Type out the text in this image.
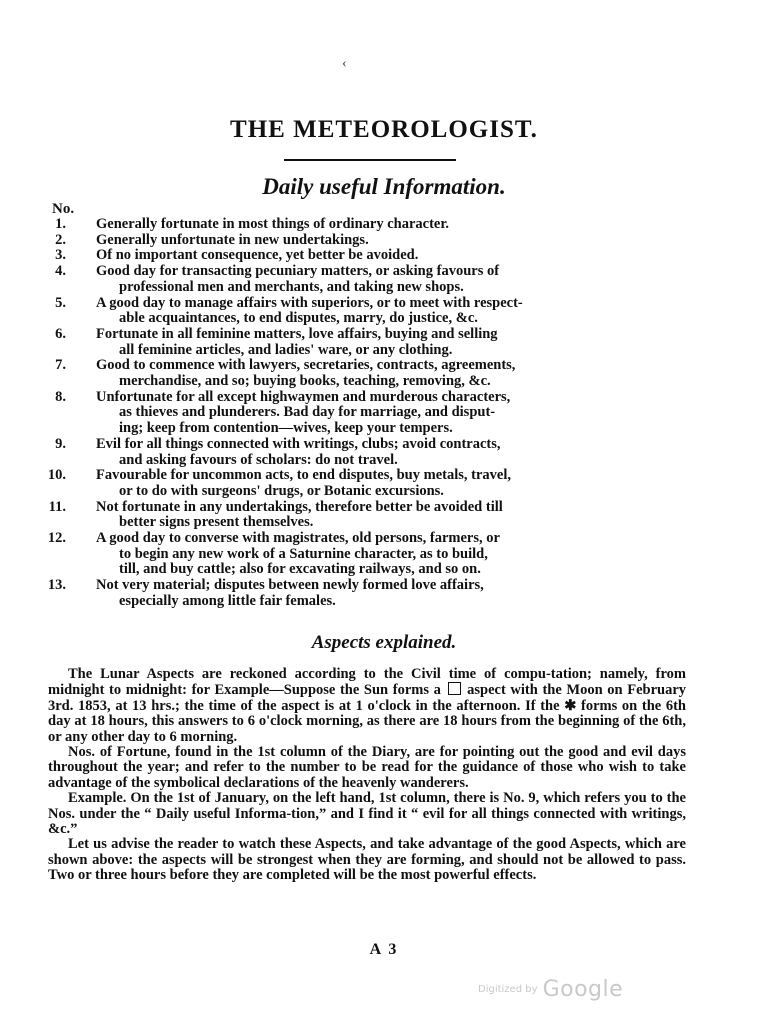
‹
THE METEOROLOGIST.
Daily useful Information.
No.
1. Generally fortunate in most things of ordinary character.
2. Generally unfortunate in new undertakings.
3. Of no important consequence, yet better be avoided.
4. Good day for transacting pecuniary matters, or asking favours of
professional men and merchants, and taking new shops.
5. A good day to manage affairs with superiors, or to meet with respect-
able acquaintances, to end disputes, marry, do justice, &c.
6. Fortunate in all feminine matters, love affairs, buying and selling
all feminine articles, and ladies' ware, or any clothing.
7. Good to commence with lawyers, secretaries, contracts, agreements,
merchandise, and so; buying books, teaching, removing, &c.
8. Unfortunate for all except highwaymen and murderous characters,
as thieves and plunderers. Bad day for marriage, and disput-
ing; keep from contention—wives, keep your tempers.
9. Evil for all things connected with writings, clubs; avoid contracts,
and asking favours of scholars: do not travel.
10. Favourable for uncommon acts, to end disputes, buy metals, travel,
or to do with surgeons' drugs, or Botanic excursions.
11. Not fortunate in any undertakings, therefore better be avoided till
better signs present themselves.
12. A good day to converse with magistrates, old persons, farmers, or
to begin any new work of a Saturnine character, as to build,
till, and buy cattle; also for excavating railways, and so on.
13. Not very material; disputes between newly formed love affairs,
especially among little fair females.
Aspects explained.

The Lunar Aspects are reckoned according to the Civil time of compu-tation; namely, from midnight to midnight: for Example—Suppose the Sun forms a aspect with the Moon on February 3rd. 1853, at 13 hrs.; the time of the aspect is at 1 o'clock in the afternoon. If the ✱ forms on the 6th day at 18 hours, this answers to 6 o'clock morning, as there are 18 hours from the beginning of the 6th, or any other day to 6 morning.

Nos. of Fortune, found in the 1st column of the Diary, are for pointing out the good and evil days throughout the year; and refer to the number to be read for the guidance of those who wish to take advantage of the symbolical declarations of the heavenly wanderers.

Example. On the 1st of January, on the left hand, 1st column, there is No. 9, which refers you to the Nos. under the “ Daily useful Informa-tion,” and I find it “ evil for all things connected with writings, &c.”

Let us advise the reader to watch these Aspects, and take advantage of the good Aspects, which are shown above: the aspects will be strongest when they are forming, and should not be allowed to pass. Two or three hours before they are completed will be the most powerful effects.

A 3
Digitized by Google
